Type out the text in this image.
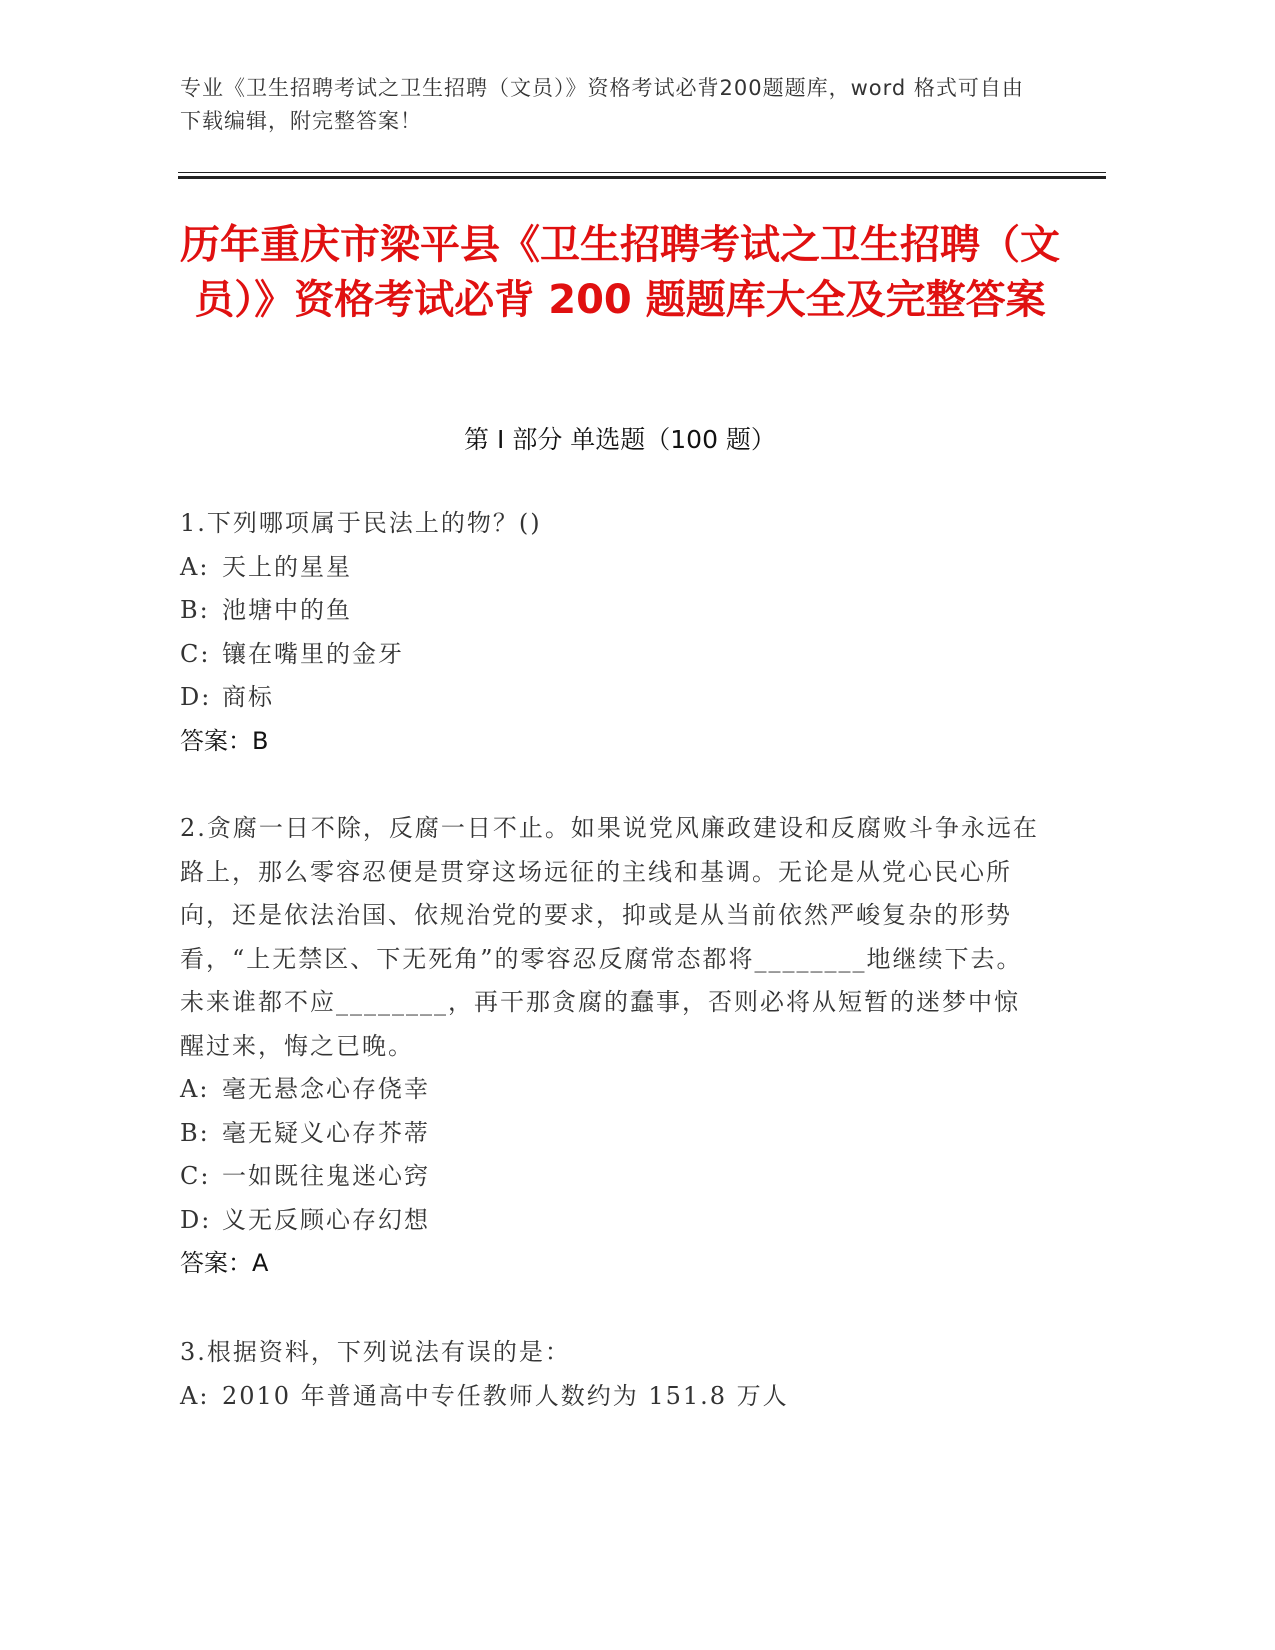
专业《卫生招聘考试之卫生招聘（文员）》资格考试必背200题题库，word 格式可自由下载编辑，附完整答案！
历年重庆市梁平县《卫生招聘考试之卫生招聘（文员）》资格考试必背 200 题题库大全及完整答案
第 I 部分 单选题（100 题）
1.下列哪项属于民法上的物？()
A: 天上的星星
B: 池塘中的鱼
C: 镶在嘴里的金牙
D: 商标
答案：B
2.贪腐一日不除，反腐一日不止。如果说党风廉政建设和反腐败斗争永远在路上，那么零容忍便是贯穿这场远征的主线和基调。无论是从党心民心所向，还是依法治国、依规治党的要求，抑或是从当前依然严峻复杂的形势看，“上无禁区、下无死角”的零容忍反腐常态都将________地继续下去。未来谁都不应________，再干那贪腐的蠢事，否则必将从短暂的迷梦中惊醒过来，悔之已晚。
A: 毫无悬念心存侥幸
B: 毫无疑义心存芥蒂
C: 一如既往鬼迷心窍
D: 义无反顾心存幻想
答案：A
3.根据资料，下列说法有误的是：
A: 2010 年普通高中专任教师人数约为 151.8 万人
